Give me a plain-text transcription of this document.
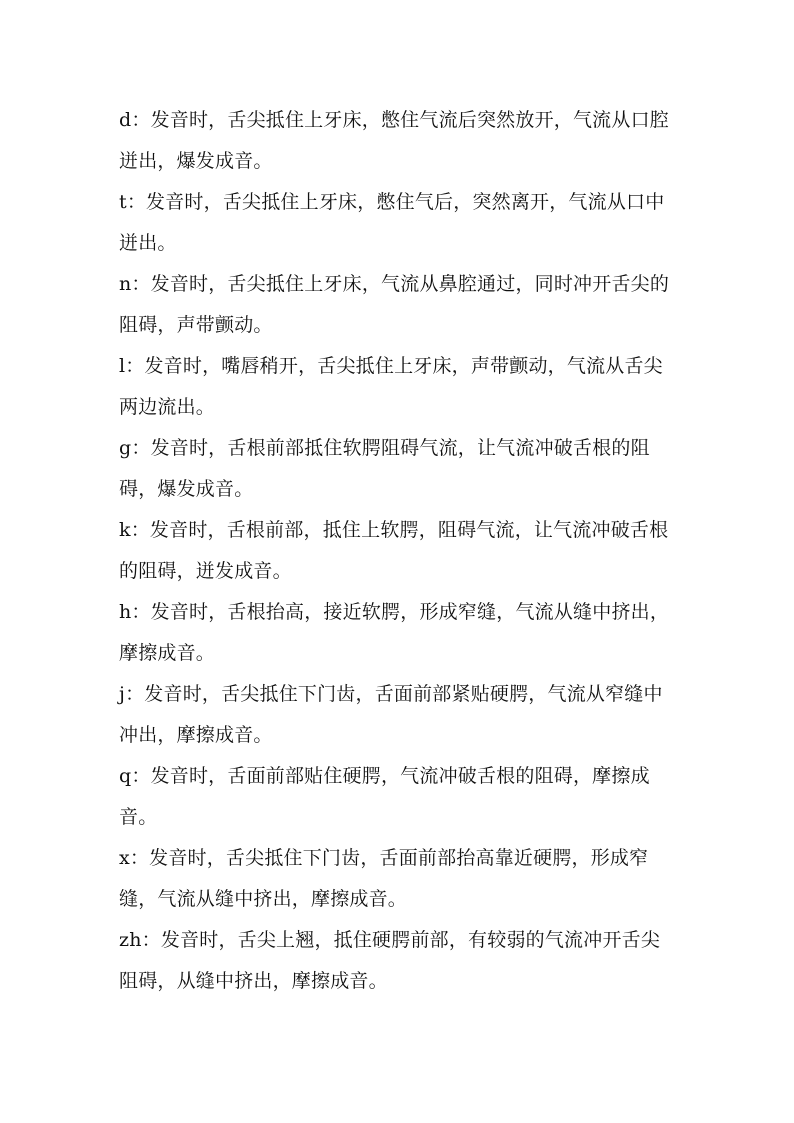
d：发音时，舌尖抵住上牙床，憋住气流后突然放开，气流从口腔迸出，爆发成音。

t：发音时，舌尖抵住上牙床，憋住气后，突然离开，气流从口中迸出。

n：发音时，舌尖抵住上牙床，气流从鼻腔通过，同时冲开舌尖的阻碍，声带颤动。

l：发音时，嘴唇稍开，舌尖抵住上牙床，声带颤动，气流从舌尖两边流出。

g：发音时，舌根前部抵住软腭阻碍气流，让气流冲破舌根的阻碍，爆发成音。

k：发音时，舌根前部，抵住上软腭，阻碍气流，让气流冲破舌根的阻碍，迸发成音。

h：发音时，舌根抬高，接近软腭，形成窄缝，气流从缝中挤出，摩擦成音。

j：发音时，舌尖抵住下门齿，舌面前部紧贴硬腭，气流从窄缝中冲出，摩擦成音。

q：发音时，舌面前部贴住硬腭，气流冲破舌根的阻碍，摩擦成音。

x：发音时，舌尖抵住下门齿，舌面前部抬高靠近硬腭，形成窄缝，气流从缝中挤出，摩擦成音。

zh：发音时，舌尖上翘，抵住硬腭前部，有较弱的气流冲开舌尖阻碍，从缝中挤出，摩擦成音。
